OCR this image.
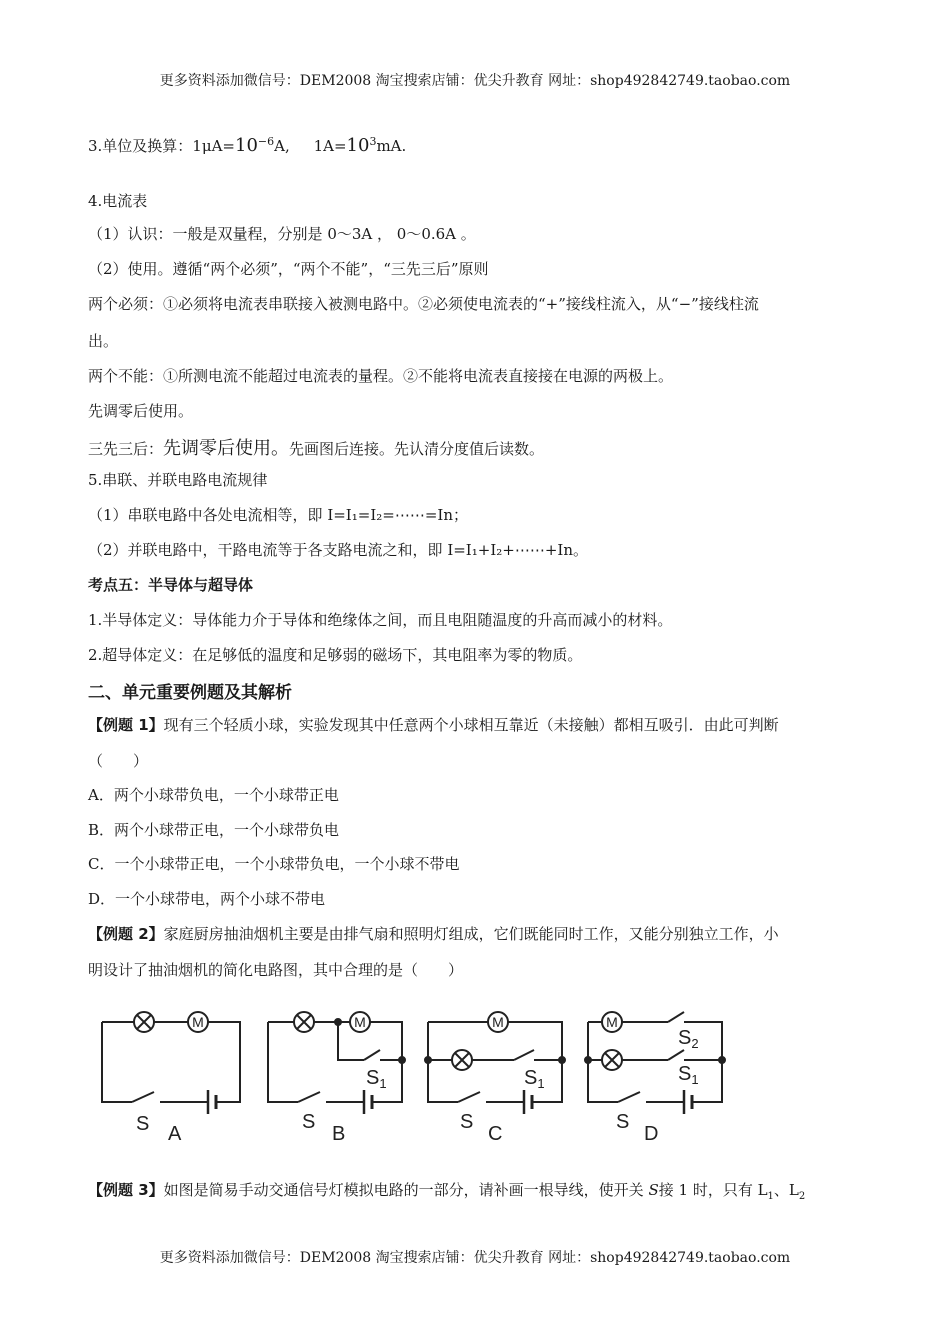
更多资料添加微信号：DEM2008 淘宝搜索店铺：优尖升教育 网址：shop492842749.taobao.com
3.单位及换算：$1\mu A=10^{-6}A$,     $1A=10^3mA$.
4.电流表
（1）认识：一般是双量程，分别是 0～3A ， 0～0.6A 。
（2）使用。遵循“两个必须”，“两个不能”，“三先三后”原则
两个必须：①必须将电流表串联接入被测电路中。②必须使电流表的“+”接线柱流入，从“−”接线柱流
出。
两个不能：①所测电流不能超过电流表的量程。②不能将电流表直接接在电源的两极上。
先调零后使用。
三先三后：先调零后使用。先画图后连接。先认清分度值后读数。
5.串联、并联电路电流规律
（1）串联电路中各处电流相等，即 I=I₁=I₂=⋯⋯=In；
（2）并联电路中，干路电流等于各支路电流之和，即 I=I₁+I₂+⋯⋯+In。
考点五：半导体与超导体
1.半导体定义：导体能力介于导体和绝缘体之间，而且电阻随温度的升高而减小的材料。
2.超导体定义：在足够低的温度和足够弱的磁场下，其电阻率为零的物质。
二、单元重要例题及其解析
【例题 1】现有三个轻质小球，实验发现其中任意两个小球相互靠近（未接触）都相互吸引．由此可判断
（　　）
A．两个小球带负电，一个小球带正电
B．两个小球带正电，一个小球带负电
C．一个小球带正电，一个小球带负电，一个小球不带电
D．一个小球带电，两个小球不带电
【例题 2】家庭厨房抽油烟机主要是由排气扇和照明灯组成，它们既能同时工作，又能分别独立工作，小
明设计了抽油烟机的简化电路图，其中合理的是（　　）
M	M	M	M
S	S	S	S
A	B	C	D
$S_1$	$S_1$
$S_2$
$S_1$
【例题 3】如图是简易手动交通信号灯模拟电路的一部分，请补画一根导线，使开关 S接 1 时，只有 $L_1$、$L_2$
更多资料添加微信号：DEM2008 淘宝搜索店铺：优尖升教育 网址：shop492842749.taobao.com
